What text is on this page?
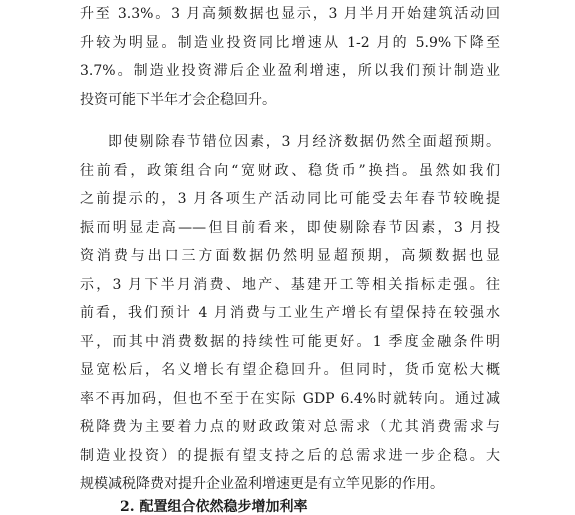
升至 3.3%。3 月高频数据也显示，3 月半月开始建筑活动回
升较为明显。制造业投资同比增速从 1-2 月的 5.9%下降至
3.7%。制造业投资滞后企业盈利增速，所以我们预计制造业
投资可能下半年才会企稳回升。
即使剔除春节错位因素，3 月经济数据仍然全面超预期。
往前看，政策组合向“宽财政、稳货币”换挡。虽然如我们
之前提示的，3 月各项生产活动同比可能受去年春节较晚提
振而明显走高——但目前看来，即使剔除春节因素，3 月投
资消费与出口三方面数据仍然明显超预期，高频数据也显
示，3 月下半月消费、地产、基建开工等相关指标走强。往
前看，我们预计 4 月消费与工业生产增长有望保持在较强水
平，而其中消费数据的持续性可能更好。1 季度金融条件明
显宽松后，名义增长有望企稳回升。但同时，货币宽松大概
率不再加码，但也不至于在实际 GDP 6.4%时就转向。通过减
税降费为主要着力点的财政政策对总需求（尤其消费需求与
制造业投资）的提振有望支持之后的总需求进一步企稳。大
规模减税降费对提升企业盈利增速更是有立竿见影的作用。
2. 配置组合依然稳步增加利率
